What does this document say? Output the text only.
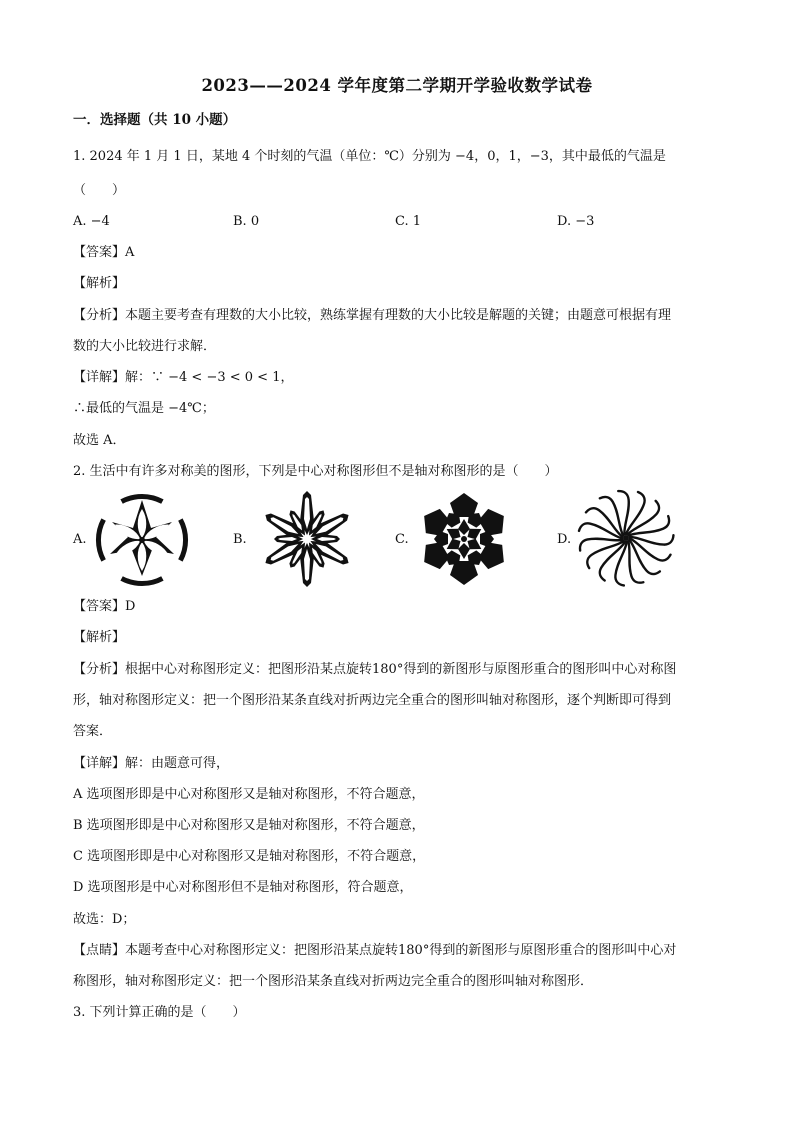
2023——2024 学年度第二学期开学验收数学试卷
一．选择题（共 10 小题）
1. 2024 年 1 月 1 日，某地 4 个时刻的气温（单位：℃）分别为 −4，0，1，−3，其中最低的气温是
（　　）
A. −4	B. 0	C. 1	D. −3
【答案】A
【解析】
【分析】本题主要考查有理数的大小比较，熟练掌握有理数的大小比较是解题的关键；由题意可根据有理
数的大小比较进行求解．
【详解】解：∵ −4 < −3 < 0 < 1，
∴最低的气温是 −4℃；
故选 A．
2. 生活中有许多对称美的图形，下列是中心对称图形但不是轴对称图形的是（　　）
A.	B.	C.	D.
【答案】D
【解析】
【分析】根据中心对称图形定义：把图形沿某点旋转180°得到的新图形与原图形重合的图形叫中心对称图
形，轴对称图形定义：把一个图形沿某条直线对折两边完全重合的图形叫轴对称图形，逐个判断即可得到
答案．
【详解】解：由题意可得，
A 选项图形即是中心对称图形又是轴对称图形，不符合题意，
B 选项图形即是中心对称图形又是轴对称图形，不符合题意，
C 选项图形即是中心对称图形又是轴对称图形，不符合题意，
D 选项图形是中心对称图形但不是轴对称图形，符合题意，
故选：D；
【点睛】本题考查中心对称图形定义：把图形沿某点旋转180°得到的新图形与原图形重合的图形叫中心对
称图形，轴对称图形定义：把一个图形沿某条直线对折两边完全重合的图形叫轴对称图形．
3. 下列计算正确的是（　　）
